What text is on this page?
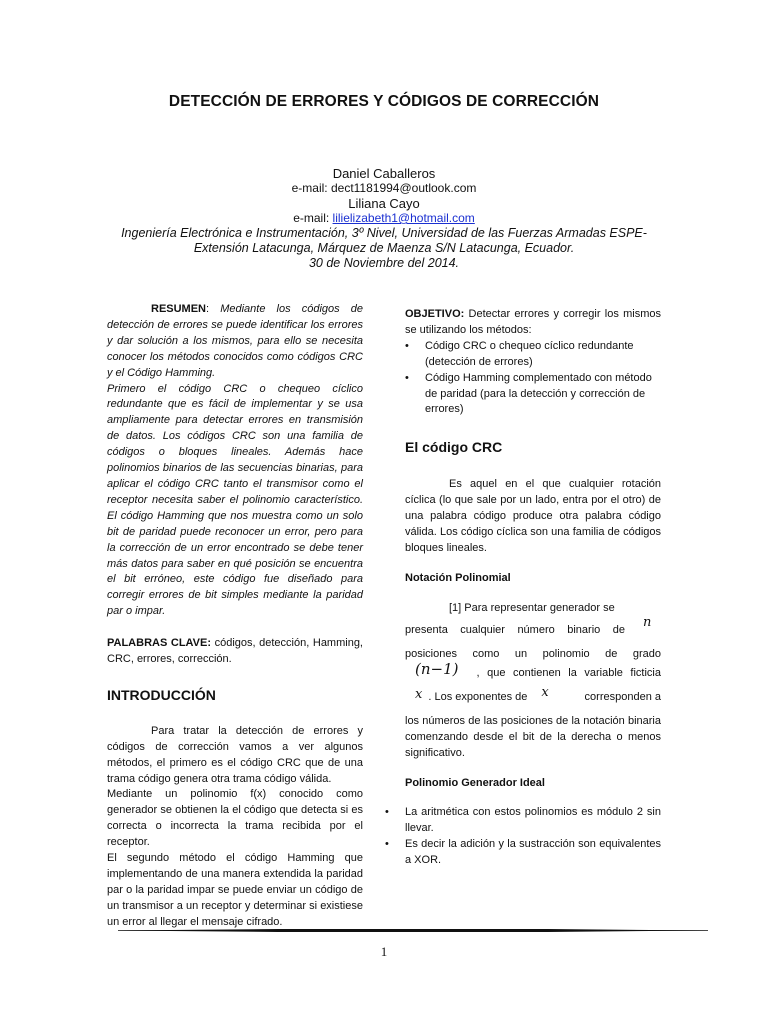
DETECCIÓN DE ERRORES Y CÓDIGOS DE CORRECCIÓN
Daniel Caballeros
e-mail: dect1181994@outlook.com
Liliana Cayo
e-mail: lilielizabeth1@hotmail.com
Ingeniería Electrónica e Instrumentación, 3º Nivel, Universidad de las Fuerzas Armadas ESPE-
Extensión Latacunga, Márquez de Maenza S/N Latacunga, Ecuador.
30 de Noviembre del 2014.

RESUMEN: Mediante los códigos de detección de errores se puede identificar los errores y dar solución a los mismos, para ello se necesita conocer los métodos conocidos como códigos CRC y el Código Hamming.

Primero el código CRC o chequeo cíclico redundante que es fácil de implementar y se usa ampliamente para detectar errores en transmisión de datos. Los códigos CRC son una familia de códigos o bloques lineales. Además hace polinomios binarios de las secuencias binarias, para aplicar el código CRC tanto el transmisor como el receptor necesita saber el polinomio característico. El código Hamming que nos muestra como un solo bit de paridad puede reconocer un error, pero para la corrección de un error encontrado se debe tener más datos para saber en qué posición se encuentra el bit erróneo, este código fue diseñado para corregir errores de bit simples mediante la paridad par o impar.

PALABRAS CLAVE: códigos, detección, Hamming, CRC, errores, corrección.

INTRODUCCIÓN

Para tratar la detección de errores y códigos de corrección vamos a ver algunos métodos, el primero es el código CRC que de una trama código genera otra trama código válida.

Mediante un polinomio f(x) conocido como generador se obtienen la el código que detecta si es correcta o incorrecta la trama recibida por el receptor.

El segundo método el código Hamming que implementando de una manera extendida la paridad par o la paridad impar se puede enviar un código de un transmisor a un receptor y determinar si existiese un error al llegar el mensaje cifrado.

OBJETIVO: Detectar errores y corregir los mismos se utilizando los métodos:

• Código CRC o chequeo cíclico redundante (detección de errores)
• Código Hamming complementado con método de paridad (para la detección y corrección de errores)
El código CRC

Es aquel en el que cualquier rotación cíclica (lo que sale por un lado, entra por el otro) de una palabra código produce otra palabra código válida. Los código cíclica son una familia de códigos bloques lineales.

Notación Polinomial
[1] Para representar generador se
presenta cualquier número binario de n
posiciones como un polinomio de grado
(n−1) , que contienen la variable ficticia
x . Los exponentes de x	corresponden a

los números de las posiciones de la notación binaria comenzando desde el bit de la derecha o menos significativo.

Polinomio Generador Ideal
• La aritmética con estos polinomios es módulo 2 sin llevar.
• Es decir la adición y la sustracción son equivalentes a XOR.
1
